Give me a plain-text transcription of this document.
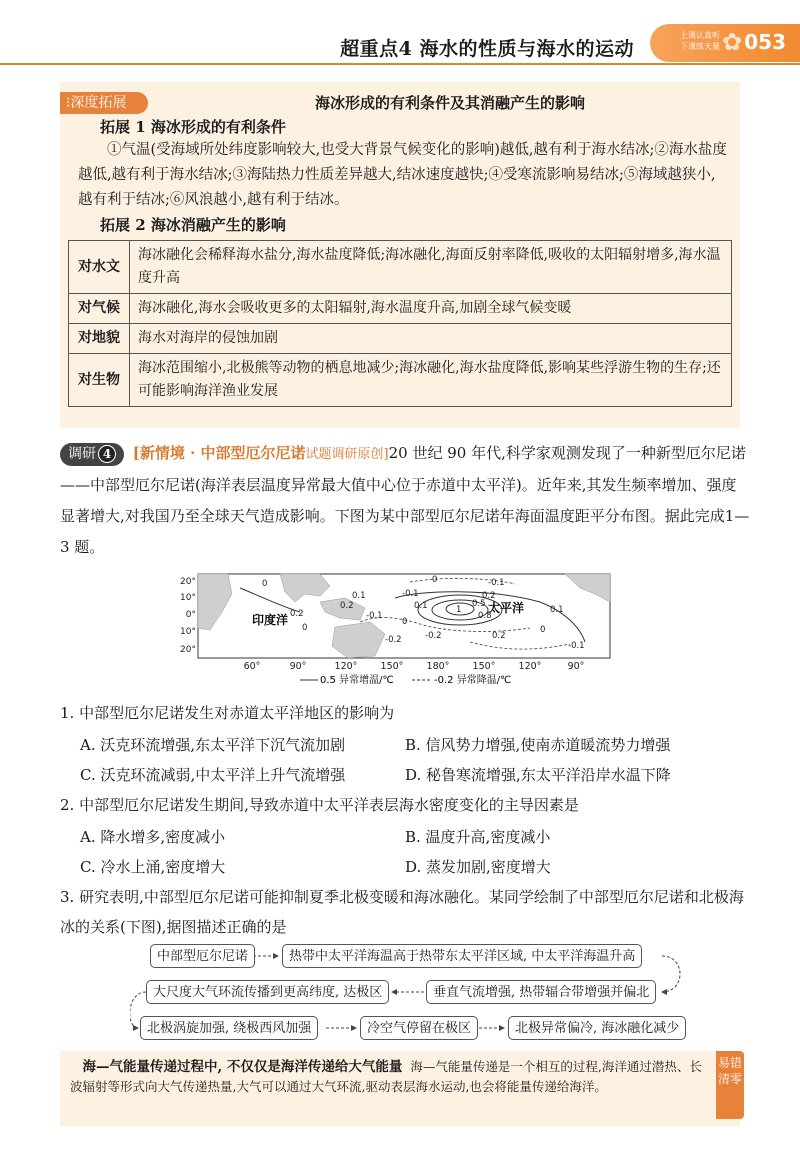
超重点4 海水的性质与海水的运动
上课认真听
下课练天量 ✿ 053
⁝深度拓展	海冰形成的有利条件及其消融产生的影响
拓展 1 海冰形成的有利条件
①气温(受海域所处纬度影响较大,也受大背景气候变化的影响)越低,越有利于海水结冰;②海水盐度越低,越有利于海水结冰;③海陆热力性质差异越大,结冰速度越快;④受寒流影响易结冰;⑤海域越狭小,越有利于结冰;⑥风浪越小,越有利于结冰。
拓展 2 海冰消融产生的影响
对水文	海冰融化会稀释海水盐分,海水盐度降低;海冰融化,海面反射率降低,吸收的太阳辐射增多,海水温度升高
对气候	海冰融化,海水会吸收更多的太阳辐射,海水温度升高,加剧全球气候变暖
对地貌	海水对海岸的侵蚀加剧
对生物	海冰范围缩小,北极熊等动物的栖息地减少;海冰融化,海水盐度降低,影响某些浮游生物的生存;还可能影响海洋渔业发展
调研 4 [新情境 · 中部型厄尔尼诺试题调研原创]20 世纪 90 年代,科学家观测发现了一种新型厄尔尼诺——中部型厄尔尼诺(海洋表层温度异常最大值中心位于赤道中太平洋)。近年来,其发生频率增加、强度显著增大,对我国乃至全球天气造成影响。下图为某中部型厄尔尼诺年海面温度距平分布图。据此完成1—3 题。
20°
10°
0°
10°
20°
60°	90°	120° 150° 180° 150° 120°	90°
印度洋
太平洋
0
0.1
0.2
-0.1
-0.2
0	-0.1
0.2
0.5
1
0.8
0.1
0
-0.1
0.1
0.2
0
-0.2
0.2
0
-0.1
0.5 异常增温/℃	-0.2 异常降温/℃
1. 中部型厄尔尼诺发生对赤道太平洋地区的影响为
A. 沃克环流增强,东太平洋下沉气流加剧	B. 信风势力增强,使南赤道暖流势力增强
C. 沃克环流减弱,中太平洋上升气流增强	D. 秘鲁寒流增强,东太平洋沿岸水温下降
2. 中部型厄尔尼诺发生期间,导致赤道中太平洋表层海水密度变化的主导因素是
A. 降水增多,密度减小	B. 温度升高,密度减小
C. 冷水上涌,密度增大	D. 蒸发加剧,密度增大
3. 研究表明,中部型厄尔尼诺可能抑制夏季北极变暖和海冰融化。某同学绘制了中部型厄尔尼诺和北极海冰的关系(下图),据图描述正确的是
中部型厄尔尼诺	热带中太平洋海温高于热带东太平洋区域, 中太平洋海温升高
大尺度大气环流传播到更高纬度, 达极区	垂直气流增强, 热带辐合带增强并偏北
北极涡旋加强, 绕极西风加强	冷空气停留在极区	北极异常偏冷, 海冰融化减少
海—气能量传递过程中, 不仅仅是海洋传递给大气能量 海—气能量传递是一个相互的过程,海洋通过潜热、长波辐射等形式向大气传递热量,大气可以通过大气环流,驱动表层海水运动,也会将能量传递给海洋。
易错清零
